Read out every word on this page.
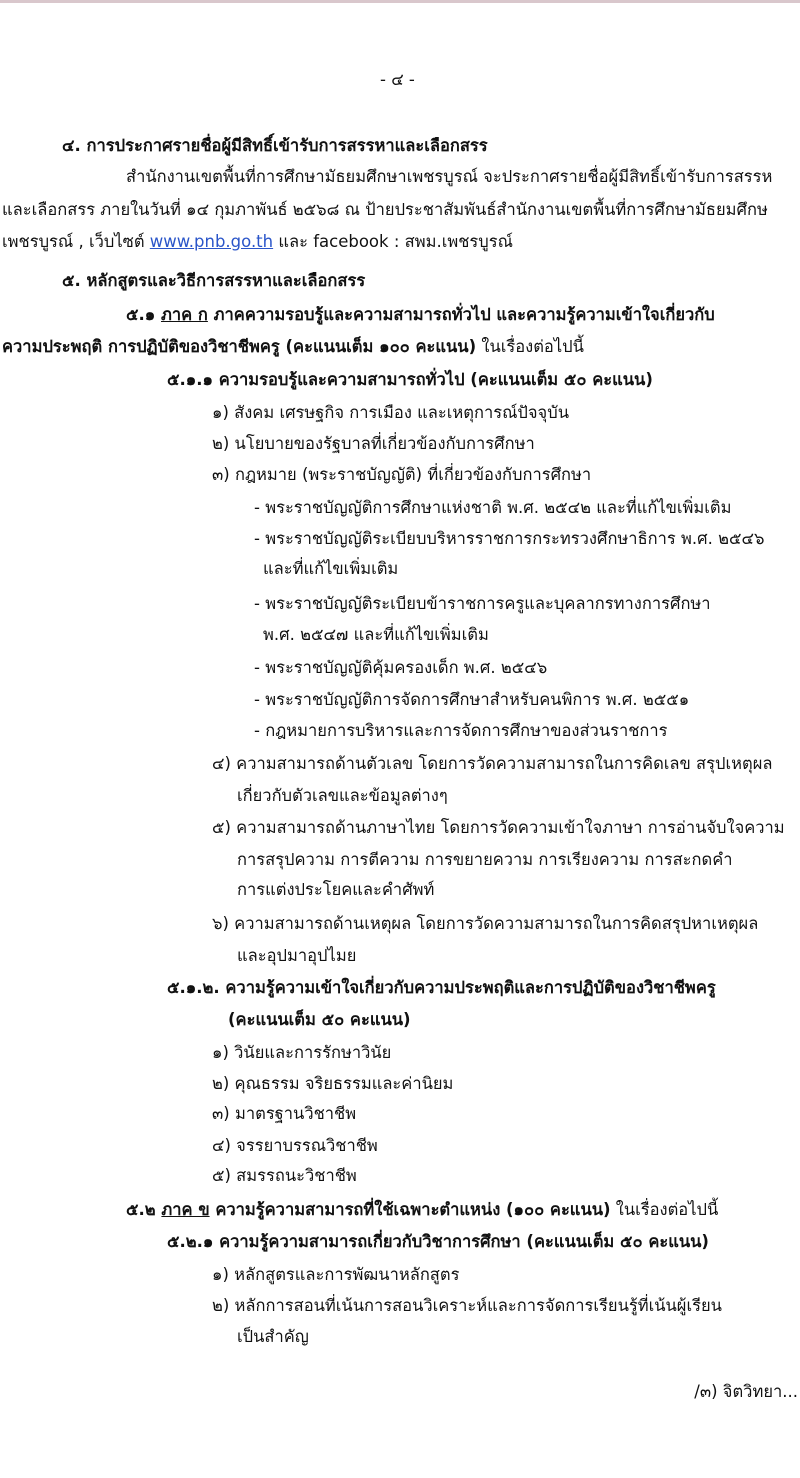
- ๔ -
๔. การประกาศรายชื่อผู้มีสิทธิ์เข้ารับการสรรหาและเลือกสรร
สำนักงานเขตพื้นที่การศึกษามัธยมศึกษาเพชรบูรณ์ จะประกาศรายชื่อผู้มีสิทธิ์เข้ารับการสรรห
และเลือกสรร ภายในวันที่ ๑๔ กุมภาพันธ์ ๒๕๖๘ ณ ป้ายประชาสัมพันธ์สำนักงานเขตพื้นที่การศึกษามัธยมศึกษ
เพชรบูรณ์ , เว็บไซต์ www.pnb.go.th และ facebook : สพม.เพชรบูรณ์
๕. หลักสูตรและวิธีการสรรหาและเลือกสรร
๕.๑ ภาค ก ภาคความรอบรู้และความสามารถทั่วไป และความรู้ความเข้าใจเกี่ยวกับ
ความประพฤติ การปฏิบัติของวิชาชีพครู (คะแนนเต็ม ๑๐๐ คะแนน) ในเรื่องต่อไปนี้
๕.๑.๑ ความรอบรู้และความสามารถทั่วไป (คะแนนเต็ม ๕๐ คะแนน)
๑) สังคม เศรษฐกิจ การเมือง และเหตุการณ์ปัจจุบัน
๒) นโยบายของรัฐบาลที่เกี่ยวข้องกับการศึกษา
๓) กฎหมาย (พระราชบัญญัติ) ที่เกี่ยวข้องกับการศึกษา
- พระราชบัญญัติการศึกษาแห่งชาติ พ.ศ. ๒๕๔๒ และที่แก้ไขเพิ่มเติม
- พระราชบัญญัติระเบียบบริหารราชการกระทรวงศึกษาธิการ พ.ศ. ๒๕๔๖
และที่แก้ไขเพิ่มเติม
- พระราชบัญญัติระเบียบข้าราชการครูและบุคลากรทางการศึกษา
พ.ศ. ๒๕๔๗ และที่แก้ไขเพิ่มเติม
- พระราชบัญญัติคุ้มครองเด็ก พ.ศ. ๒๕๔๖
- พระราชบัญญัติการจัดการศึกษาสำหรับคนพิการ พ.ศ. ๒๕๕๑
- กฎหมายการบริหารและการจัดการศึกษาของส่วนราชการ
๔) ความสามารถด้านตัวเลข โดยการวัดความสามารถในการคิดเลข สรุปเหตุผล
เกี่ยวกับตัวเลขและข้อมูลต่างๆ
๕) ความสามารถด้านภาษาไทย โดยการวัดความเข้าใจภาษา การอ่านจับใจความ
การสรุปความ การตีความ การขยายความ การเรียงความ การสะกดคำ
การแต่งประโยคและคำศัพท์
๖) ความสามารถด้านเหตุผล โดยการวัดความสามารถในการคิดสรุปหาเหตุผล
และอุปมาอุปไมย
๕.๑.๒. ความรู้ความเข้าใจเกี่ยวกับความประพฤติและการปฏิบัติของวิชาชีพครู
(คะแนนเต็ม ๕๐ คะแนน)
๑) วินัยและการรักษาวินัย
๒) คุณธรรม จริยธรรมและค่านิยม
๓) มาตรฐานวิชาชีพ
๔) จรรยาบรรณวิชาชีพ
๕) สมรรถนะวิชาชีพ
๕.๒ ภาค ข ความรู้ความสามารถที่ใช้เฉพาะตำแหน่ง (๑๐๐ คะแนน) ในเรื่องต่อไปนี้
๕.๒.๑ ความรู้ความสามารถเกี่ยวกับวิชาการศึกษา (คะแนนเต็ม ๕๐ คะแนน)
๑) หลักสูตรและการพัฒนาหลักสูตร
๒) หลักการสอนที่เน้นการสอนวิเคราะห์และการจัดการเรียนรู้ที่เน้นผู้เรียน
เป็นสำคัญ
/๓) จิตวิทยา...
